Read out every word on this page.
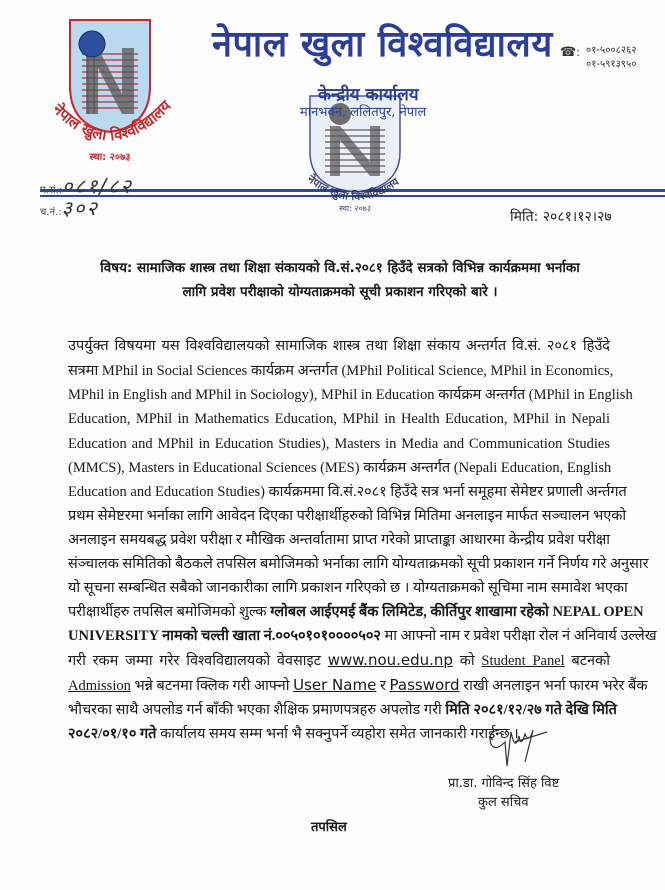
नेपाल खुला विश्वविद्यालय
स्था: २०७३
नेपाल खुला विश्वविद्यालय
नेपाल खुला विश्वविद्यालय
स्था: २०७३
केन्द्रीय कार्यालय
मानभवन, ललितपुर, नेपाल
☎: ०१-५००८२६२
०१-५९१३९५०
प.सं.:०८१/८२
च.नं.:३०२	मिति: २०८१।१२।२७
विषय: सामाजिक शास्त्र तथा शिक्षा संकायको वि.सं.२०८१ हिउँदे सत्रको विभिन्न कार्यक्रममा भर्नाका
लागि प्रवेश परीक्षाको योग्यताक्रमको सूची प्रकाशन गरिएको बारे ।
उपर्युक्त विषयमा यस विश्वविद्यालयको सामाजिक शास्त्र तथा शिक्षा संकाय अन्तर्गत वि.सं. २०८१ हिउँदे
सत्रमा MPhil in Social Sciences कार्यक्रम अन्तर्गत (MPhil Political Science, MPhil in Economics,
MPhil in English and MPhil in Sociology), MPhil in Education कार्यक्रम अन्तर्गत (MPhil in English
Education, MPhil in Mathematics Education, MPhil in Health Education, MPhil in Nepali
Education and MPhil in Education Studies), Masters in Media and Communication Studies
(MMCS), Masters in Educational Sciences (MES) कार्यक्रम अन्तर्गत (Nepali Education, English
Education and Education Studies) कार्यक्रममा वि.सं.२०८१ हिउँदे सत्र भर्ना समूहमा सेमेष्टर प्रणाली अर्न्तगत
प्रथम सेमेष्टरमा भर्नाका लागि आवेदन दिएका परीक्षार्थीहरुको विभिन्न मितिमा अनलाइन मार्फत सञ्चालन भएको
अनलाइन समयबद्ध प्रवेश परीक्षा र मौखिक अन्तर्वातामा प्राप्त गरेको प्राप्ताङ्का आधारमा केन्द्रीय प्रवेश परीक्षा
संञ्चालक समितिको बैठकले तपसिल बमोजिमको भर्नाका लागि योग्यताक्रमको सूची प्रकाशन गर्ने निर्णय गरे अनुसार
यो सूचना सम्बन्धित सबैको जानकारीका लागि प्रकाशन गरिएको छ । योग्यताक्रमको सूचिमा नाम समावेश भएका
परीक्षार्थीहरु तपसिल बमोजिमको शुल्क ग्लोबल आईएमई बैंक लिमिटेड, कीर्तिपुर शाखामा रहेको NEPAL OPEN
UNIVERSITY नामको चल्ती खाता नं.००५०१०१००००५०२ मा आफ्नो नाम र प्रवेश परीक्षा रोल नं अनिवार्य उल्लेख
गरी रकम जम्मा गरेर विश्वविद्यालयको वेवसाइट www.nou.edu.np को Student Panel बटनको
Admission भन्ने बटनमा क्लिक गरी आफ्नो User Name र Password राखी अनलाइन भर्ना फारम भरेर बैंक
भौचरका साथै अपलोड गर्न बाँकी भएका शैक्षिक प्रमाणपत्रहरु अपलोड गरी मिति २०८१/१२/२७ गते देखि मिति
२०८२/०१/१० गते कार्यालय समय सम्म भर्ना भै सक्नुपर्ने व्यहोरा समेत जानकारी गराईन्छ ।
प्रा.डा. गोविन्द सिंह विष्ट
कुल सचिव
तपसिल
